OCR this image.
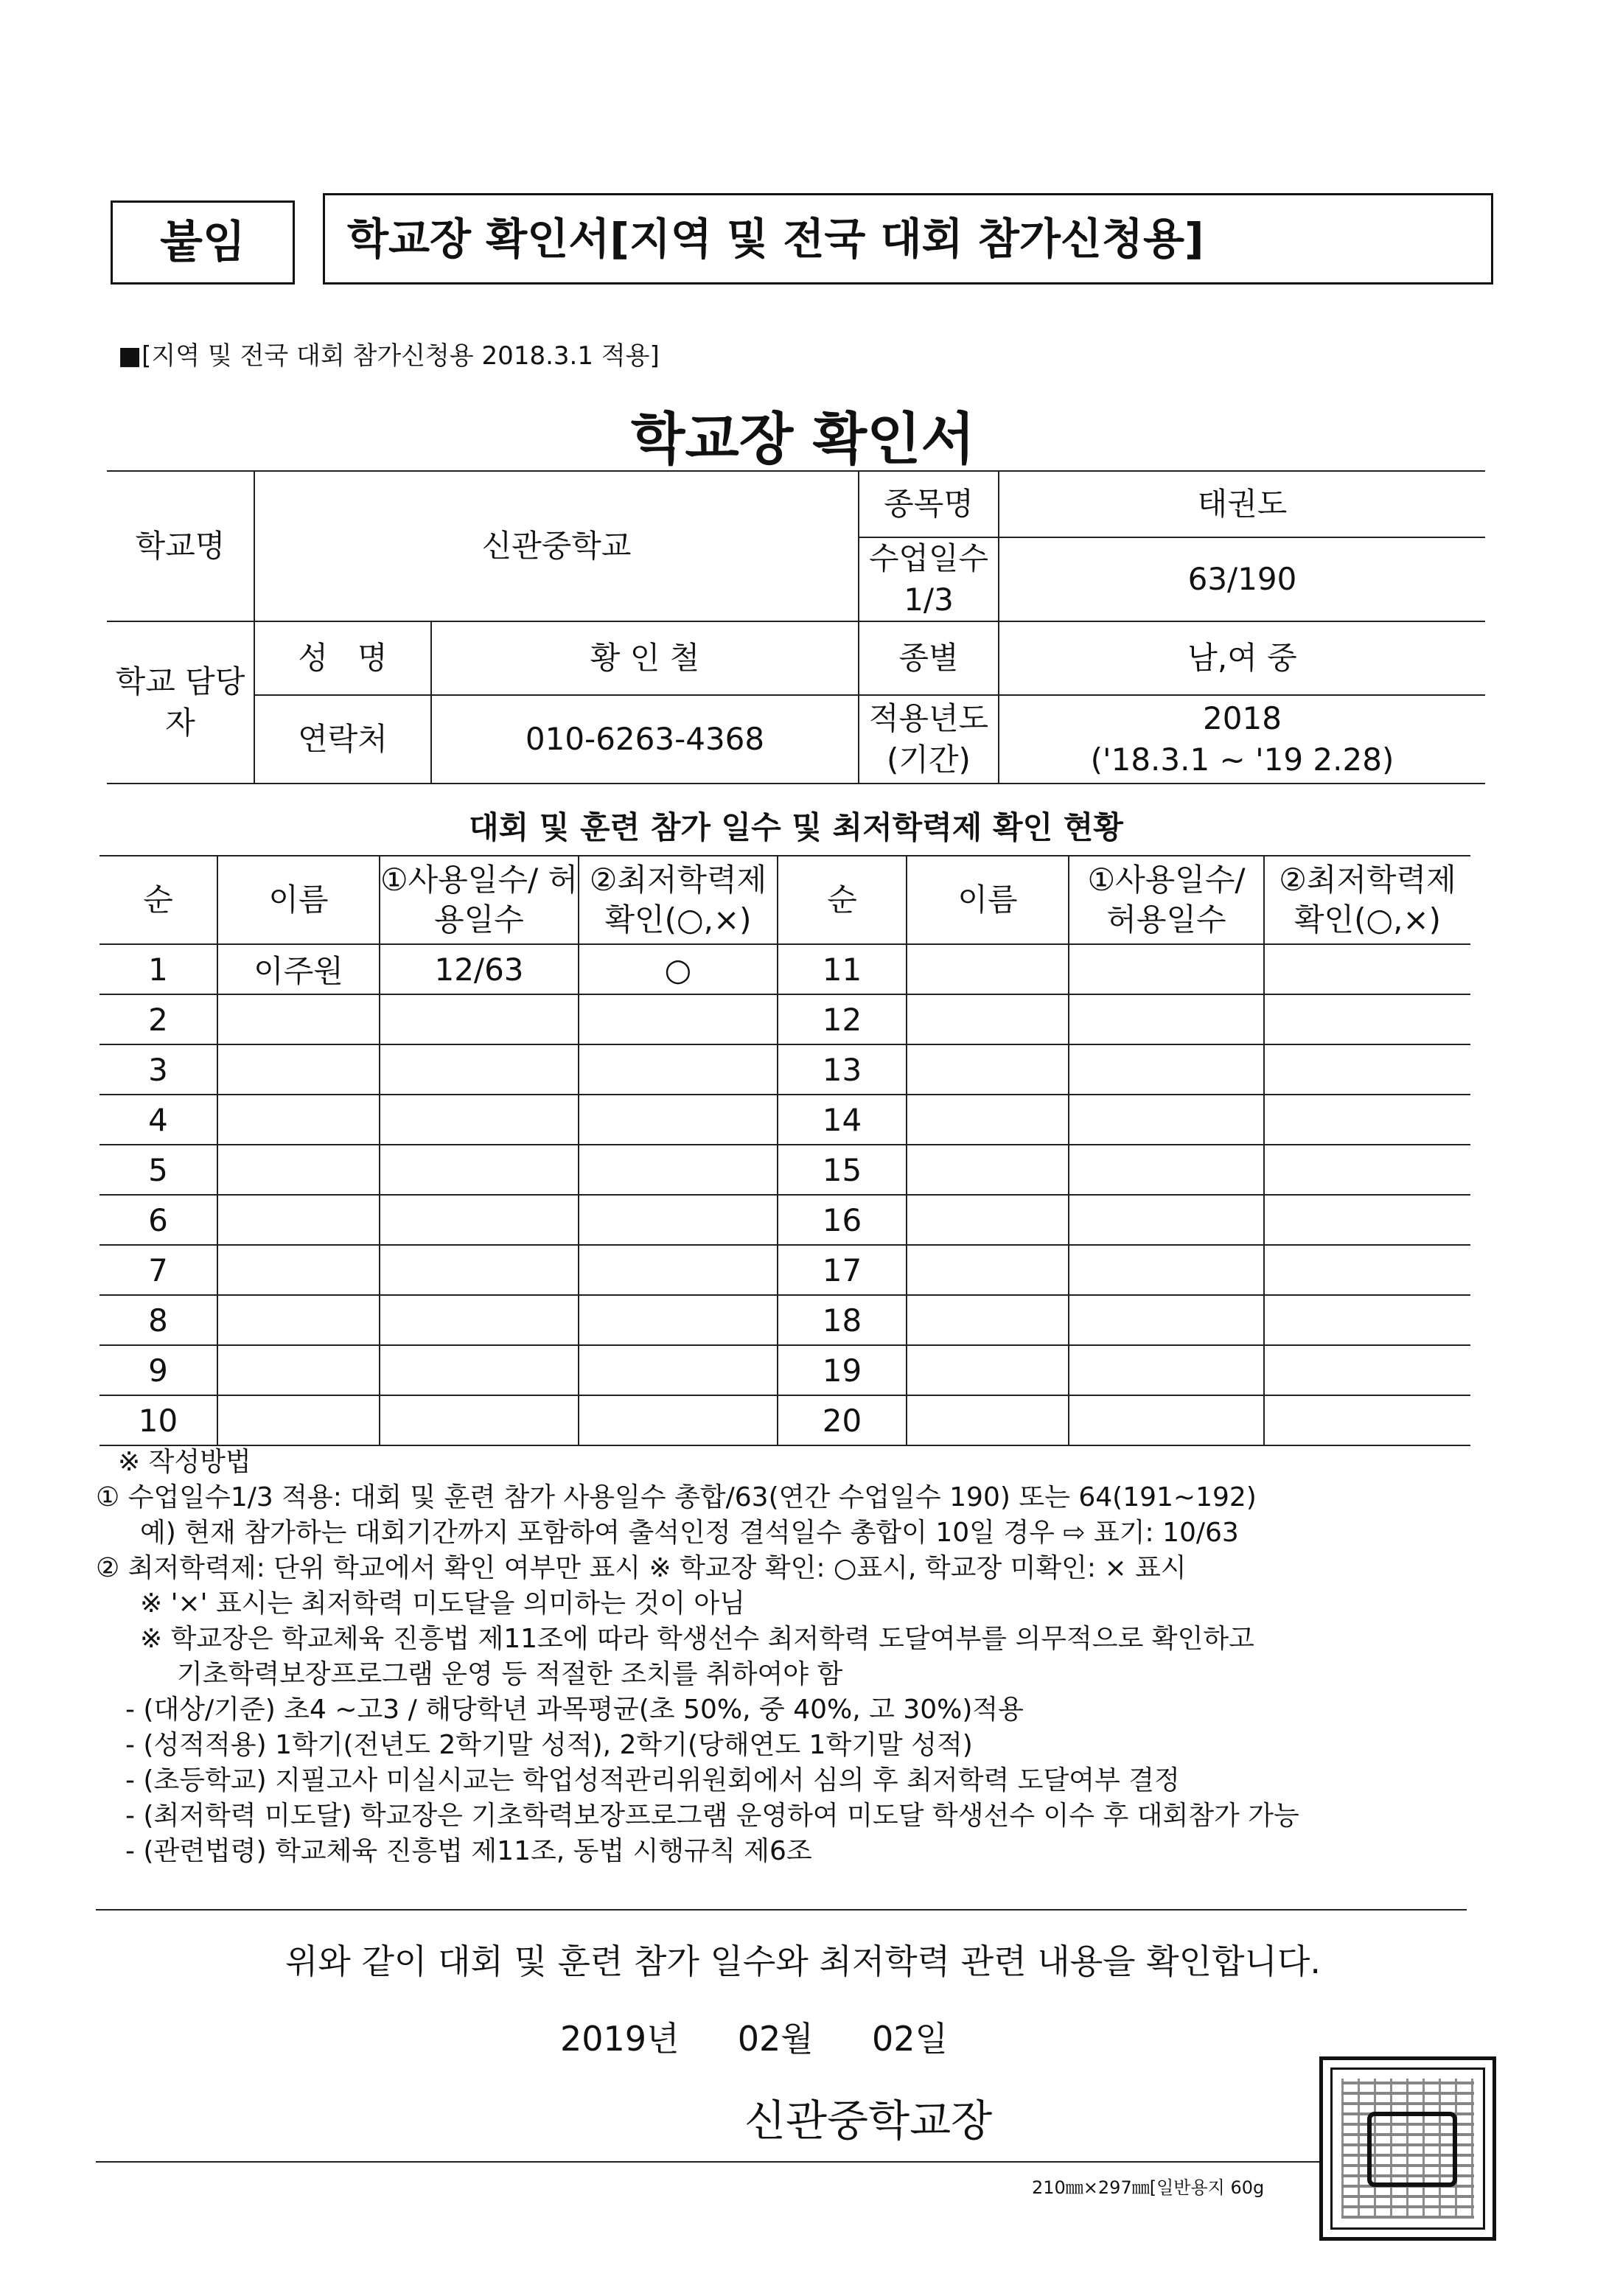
붙임	학교장 확인서[지역 및 전국 대회 참가신청용]
■[지역 및 전국 대회 참가신청용 2018.3.1 적용]
학교장 확인서
학교명	신관중학교		종목명	태권도
			수업일수 1/3	63/190
학교 담당자	성   명	황 인 철	종별	남,여 중
	연락처	010-6263-4368	적용년도 (기간)	2018
('18.3.1 ~ '19 2.28)
대회 및 훈련 참가 일수 및 최저학력제 확인 현황
순	이름	①사용일수/ 허용일수	②최저학력제 확인(○,×)	순	이름	①사용일수/ 허용일수	②최저학력제 확인(○,×)
1	이주원	12/63	○	11			
2				12			
3				13			
4				14			
5				15			
6				16			
7				17			
8				18			
9				19			
10				20			
※ 작성방법
① 수업일수1/3 적용: 대회 및 훈련 참가 사용일수 총합/63(연간 수업일수 190) 또는 64(191~192)
예) 현재 참가하는 대회기간까지 포함하여 출석인정 결석일수 총합이 10일 경우 ⇨ 표기: 10/63
② 최저학력제: 단위 학교에서 확인 여부만 표시 ※ 학교장 확인: ○표시, 학교장 미확인: × 표시
※ '×' 표시는 최저학력 미도달을 의미하는 것이 아님
※ 학교장은 학교체육 진흥법 제11조에 따라 학생선수 최저학력 도달여부를 의무적으로 확인하고
기초학력보장프로그램 운영 등 적절한 조치를 취하여야 함
- (대상/기준) 초4 ~고3 / 해당학년 과목평균(초 50%, 중 40%, 고 30%)적용
- (성적적용) 1학기(전년도 2학기말 성적), 2학기(당해연도 1학기말 성적)
- (초등학교) 지필고사 미실시교는 학업성적관리위원회에서 심의 후 최저학력 도달여부 결정
- (최저학력 미도달) 학교장은 기초학력보장프로그램 운영하여 미도달 학생선수 이수 후 대회참가 가능
- (관련법령) 학교체육 진흥법 제11조, 동법 시행규칙 제6조
위와 같이 대회 및 훈련 참가 일수와 최저학력 관련 내용을 확인합니다.
2019년 02월 02일
신관중학교장
210㎜×297㎜[일반용지 60g
